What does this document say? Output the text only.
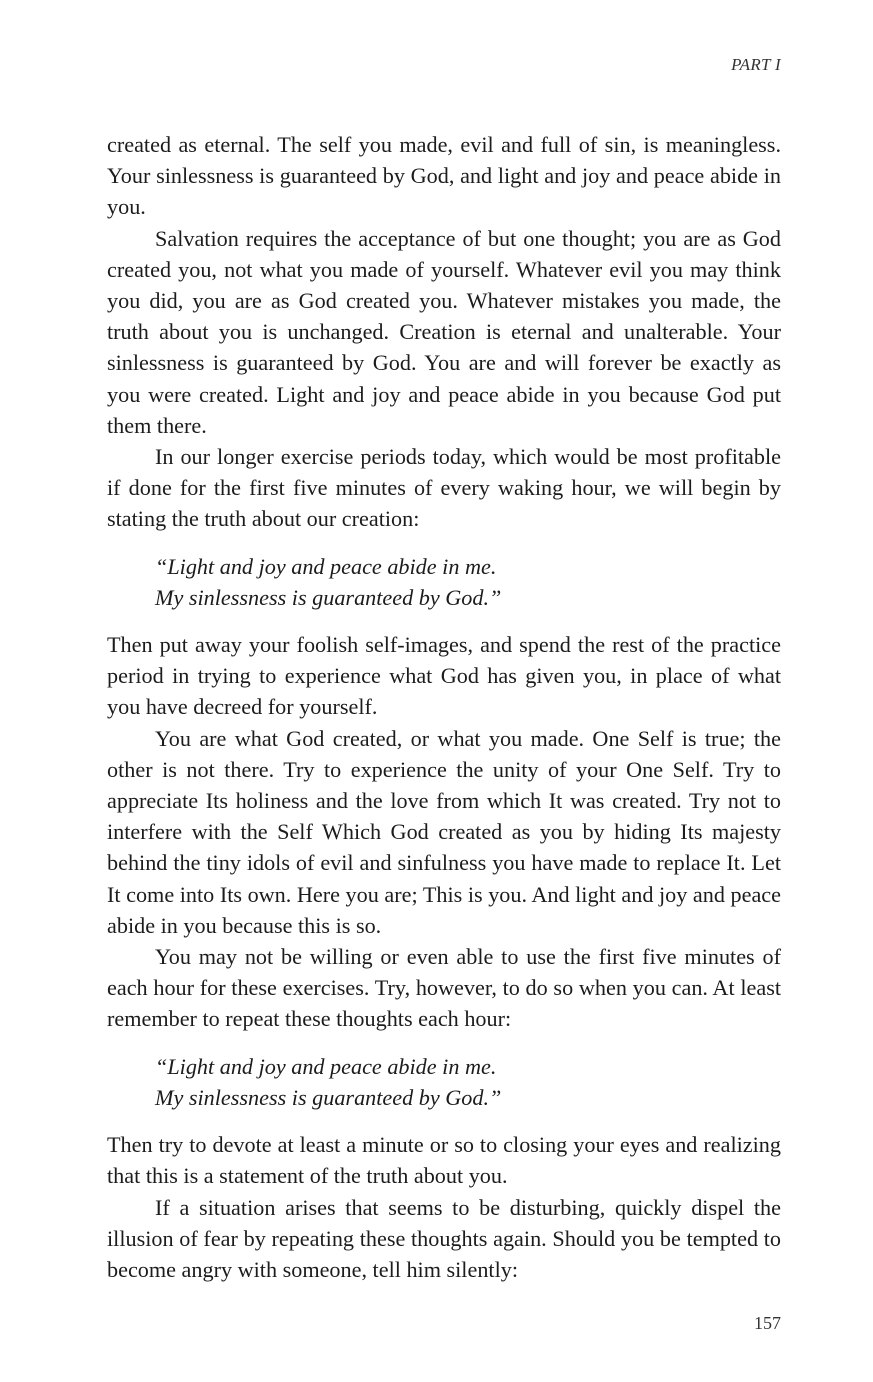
PART I

created as eternal. The self you made, evil and full of sin, is meaningless. Your sinlessness is guaranteed by God, and light and joy and peace abide in you.

Salvation requires the acceptance of but one thought; you are as God created you, not what you made of yourself. Whatever evil you may think you did, you are as God created you. Whatever mistakes you made, the truth about you is unchanged. Creation is eternal and unalterable. Your sinlessness is guaranteed by God. You are and will forever be exactly as you were created. Light and joy and peace abide in you because God put them there.

In our longer exercise periods today, which would be most profitable if done for the first five minutes of every waking hour, we will begin by stating the truth about our creation:

“Light and joy and peace abide in me.
My sinlessness is guaranteed by God.”

Then put away your foolish self-images, and spend the rest of the practice period in trying to experience what God has given you, in place of what you have decreed for yourself.

You are what God created, or what you made. One Self is true; the other is not there. Try to experience the unity of your One Self. Try to appreciate Its holiness and the love from which It was created. Try not to interfere with the Self Which God created as you by hiding Its majesty behind the tiny idols of evil and sinfulness you have made to replace It. Let It come into Its own. Here you are; This is you. And light and joy and peace abide in you because this is so.

You may not be willing or even able to use the first five minutes of each hour for these exercises. Try, however, to do so when you can. At least remember to repeat these thoughts each hour:

“Light and joy and peace abide in me.
My sinlessness is guaranteed by God.”

Then try to devote at least a minute or so to closing your eyes and realizing that this is a statement of the truth about you.

If a situation arises that seems to be disturbing, quickly dispel the illusion of fear by repeating these thoughts again. Should you be tempted to become angry with someone, tell him silently:

157
